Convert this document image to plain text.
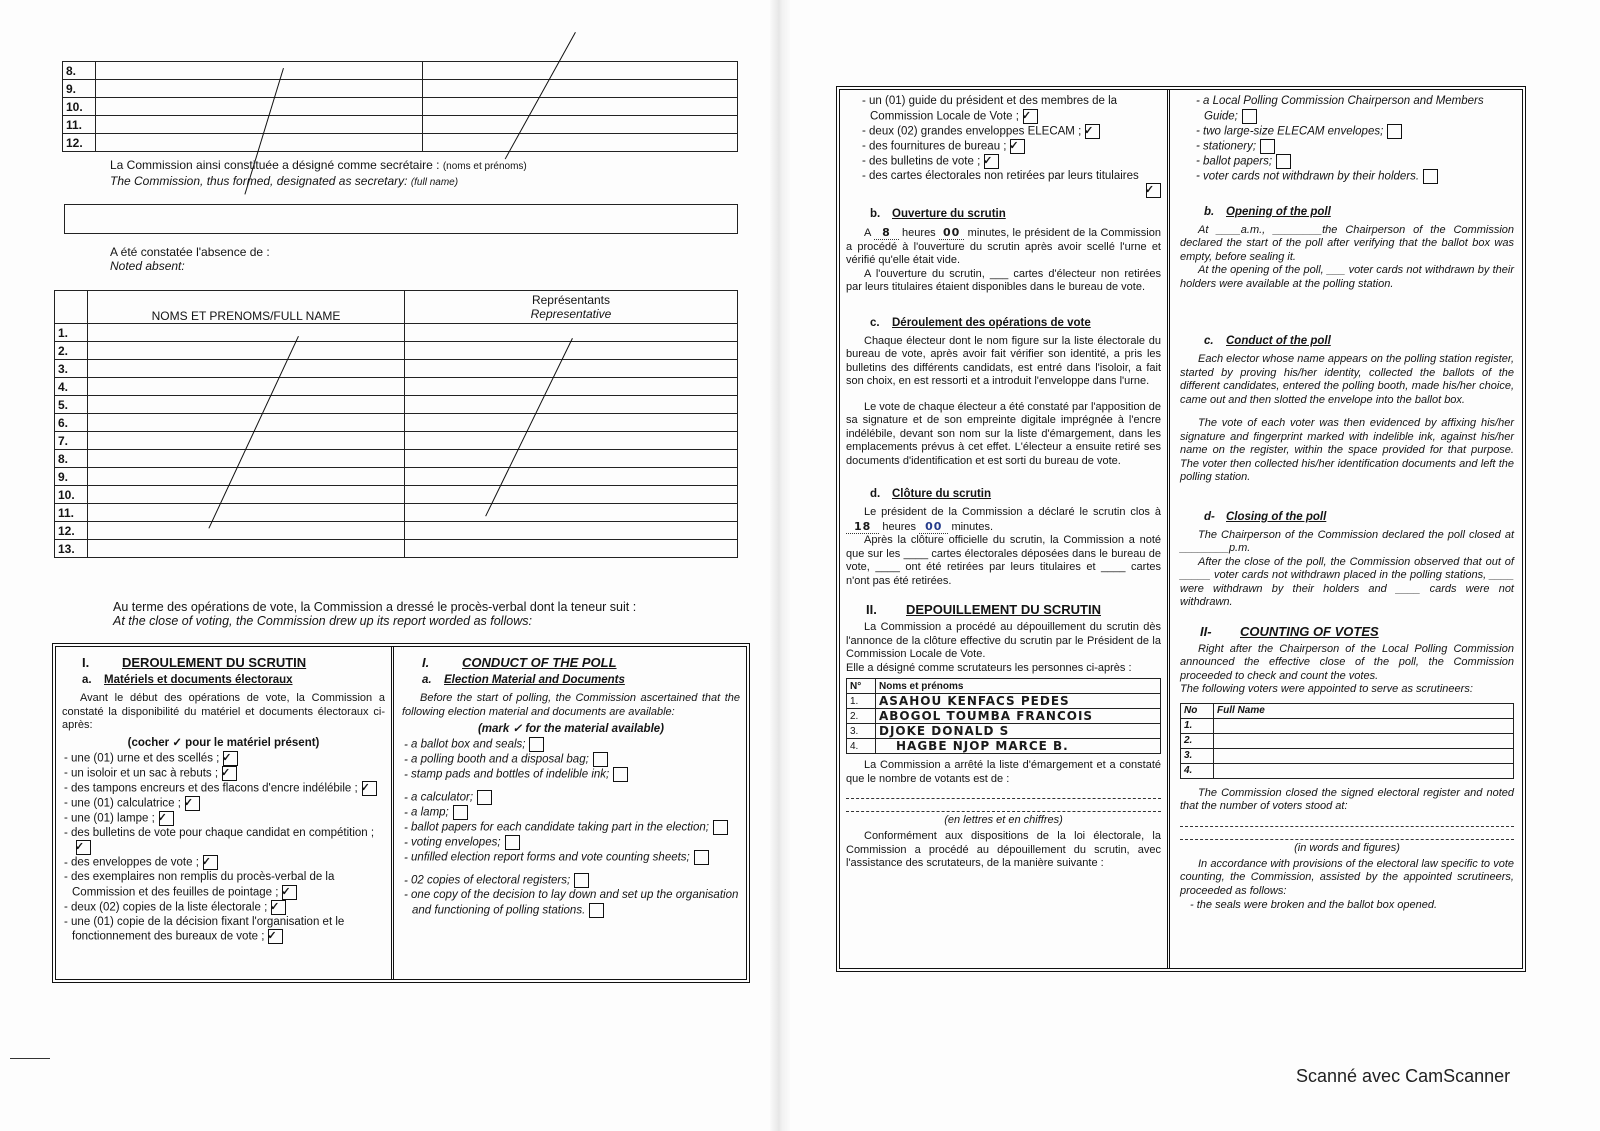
8.		
9.		
10.		
11.		
12.		
La Commission ainsi constituée a désigné comme secrétaire : (noms et prénoms)
The Commission, thus formed, designated as secretary: (full name)
A été constatée l'absence de :
Noted absent:
	NOMS ET PRENOMS/FULL NAME	Représentants
Representative

1.		
2.		
3.		
4.		
5.		
6.		
7.		
8.		
9.		
10.		
11.		
12.		
13.		
Au terme des opérations de vote, la Commission a dressé le procès-verbal dont la teneur suit :
At the close of voting, the Commission drew up its report worded as follows:
I.	DEROULEMENT DU SCRUTIN
a. Matériels et documents électoraux

Avant le début des opérations de vote, la Commission a constaté la disponibilité du matériel et documents électoraux ci-après:

(cocher ✓ pour le matériel présent)
- une (01) urne et des scellés ; ✓
- un isoloir et un sac à rebuts ; ✓
- des tampons encreurs et des flacons d'encre indélébile ; ✓
- une (01) calculatrice ; ✓
- une (01) lampe ; ✓
- des bulletins de vote pour chaque candidat en compétition ;✓
- des enveloppes de vote ; ✓
- des exemplaires non remplis du procès-verbal de la Commission et des feuilles de pointage ; ✓
- deux (02) copies de la liste électorale ; ✓
- une (01) copie de la décision fixant l'organisation et le fonctionnement des bureaux de vote ; ✓
I.	CONDUCT OF THE POLL
a. Election Material and Documents

Before the start of polling, the Commission ascertained that the following election material and documents are available:

(mark ✓ for the material available)
- a ballot box and seals;
- a polling booth and a disposal bag;
- stamp pads and bottles of indelible ink;
- a calculator;
- a lamp;
- ballot papers for each candidate taking part in the election;
- voting envelopes;
- unfilled election report forms and vote counting sheets;
- 02 copies of electoral registers;
- one copy of the decision to lay down and set up the organisation and functioning of polling stations.
- un (01) guide du président et des membres de la Commission Locale de Vote ; ✓
- deux (02) grandes enveloppes ELECAM ; ✓
- des fournitures de bureau ; ✓
- des bulletins de vote ; ✓
- des cartes électorales non retirées par leurs titulaires
✓
b. Ouverture du scrutin

A 8 heures 00 minutes, le président de la Commission a procédé à l'ouverture du scrutin après avoir scellé l'urne et vérifié qu'elle était vide.

A l'ouverture du scrutin, ___ cartes d'électeur non retirées par leurs titulaires étaient disponibles dans le bureau de vote.

c. Déroulement des opérations de vote

Chaque électeur dont le nom figure sur la liste électorale du bureau de vote, après avoir fait vérifier son identité, a pris les bulletins des différents candidats, est entré dans l'isoloir, a fait son choix, en est ressorti et a introduit l'enveloppe dans l'urne.

Le vote de chaque électeur a été constaté par l'apposition de sa signature et de son empreinte digitale imprégnée à l'encre indélébile, devant son nom sur la liste d'émargement, dans les emplacements prévus à cet effet. L'électeur a ensuite retiré ses documents d'identification et est sorti du bureau de vote.

d. Clôture du scrutin

Le président de la Commission a déclaré le scrutin clos à 18 heures 00 minutes.

Après la clôture officielle du scrutin, la Commission a noté que sur les ____ cartes électorales déposées dans le bureau de vote, ____ ont été retirées par leurs titulaires et ____ cartes n'ont pas été retirées.

II. DEPOUILLEMENT DU SCRUTIN

La Commission a procédé au dépouillement du scrutin dès l'annonce de la clôture effective du scrutin par le Président de la Commission Locale de Vote.

Elle a désigné comme scrutateurs les personnes ci-après :

N°	Noms et prénoms
1.	ASAHOU KENFACS PEDES
2.	ABOGOL TOUMBA FRANCOIS
3.	DJOKE DONALD S
4.	HAGBE NJOP MARCE B.

La Commission a arrêté la liste d'émargement et a constaté que le nombre de votants est de :

(en lettres et en chiffres)

Conformément aux dispositions de la loi électorale, la Commission a procédé au dépouillement du scrutin, avec l'assistance des scrutateurs, de la manière suivante :

- a Local Polling Commission Chairperson and Members Guide;
- two large-size ELECAM envelopes;
- stationery;
- ballot papers;
- voter cards not withdrawn by their holders.
b. Opening of the poll

At ____a.m., ________the Chairperson of the Commission declared the start of the poll after verifying that the ballot box was empty, before sealing it.

At the opening of the poll, ___ voter cards not withdrawn by their holders were available at the polling station.

c. Conduct of the poll

Each elector whose name appears on the polling station register, started by proving his/her identity, collected the ballots of the different candidates, entered the polling booth, made his/her choice, came out and then slotted the envelope into the ballot box.

The vote of each voter was then evidenced by affixing his/her signature and fingerprint marked with indelible ink, against his/her name on the register, within the space provided for that purpose. The voter then collected his/her identification documents and left the polling station.

d- Closing of the poll

The Chairperson of the Commission declared the poll closed at ________p.m.

After the close of the poll, the Commission observed that out of _____ voter cards not withdrawn placed in the polling stations, ____ were withdrawn by their holders and ____ cards were not withdrawn.

II- COUNTING OF VOTES

Right after the Chairperson of the Local Polling Commission announced the effective close of the poll, the Commission proceeded to check and count the votes.

The following voters were appointed to serve as scrutineers:

No	Full Name
1.	
2.	
3.	
4.	

The Commission closed the signed electoral register and noted that the number of voters stood at:

(in words and figures)

In accordance with provisions of the electoral law specific to vote counting, the Commission, assisted by the appointed scrutineers, proceeded as follows:

- the seals were broken and the ballot box opened.
Scanné avec CamScanner
